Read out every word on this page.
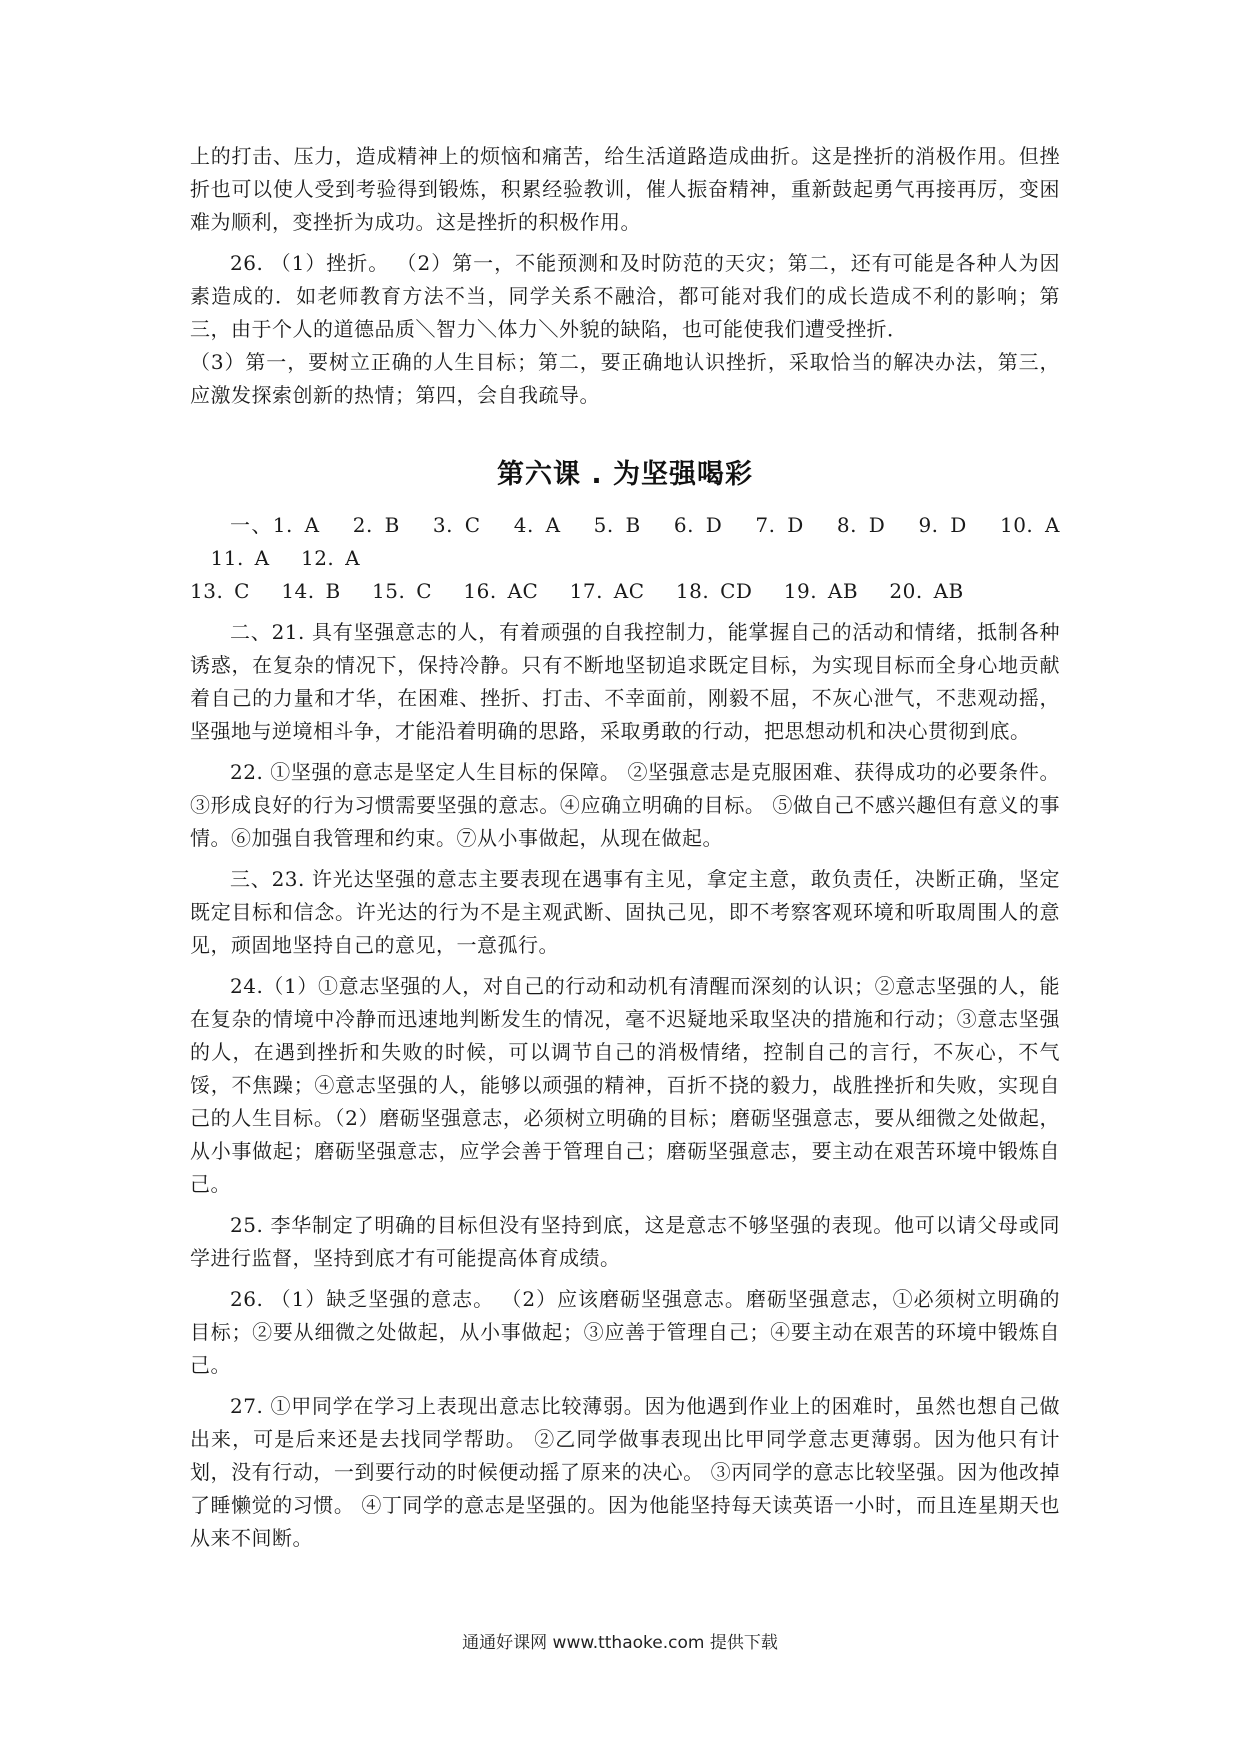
上的打击、压力，造成精神上的烦恼和痛苦，给生活道路造成曲折。这是挫折的消极作用。但挫折也可以使人受到考验得到锻炼，积累经验教训，催人振奋精神，重新鼓起勇气再接再厉，变困难为顺利，变挫折为成功。这是挫折的积极作用。

26. （1）挫折。 （2）第一，不能预测和及时防范的天灾；第二，还有可能是各种人为因素造成的．如老师教育方法不当，同学关系不融洽，都可能对我们的成长造成不利的影响；第三，由于个人的道德品质＼智力＼体力＼外貌的缺陷，也可能使我们遭受挫折．

（3）第一，要树立正确的人生目标；第二，要正确地认识挫折，采取恰当的解决办法，第三，应激发探索创新的热情；第四，会自我疏导。

第六课 . 为坚强喝彩

一、1. A 　2. B 　3. C 　4. A 　5. B 　6. D 　7. D 　8. D 　9. D 　10. A 　11. A 　12. A

13. C 　14. B 　15. C 　16. AC 　17. AC 　18. CD 　19. AB 　20. AB

二、21. 具有坚强意志的人，有着顽强的自我控制力，能掌握自己的活动和情绪，抵制各种诱惑，在复杂的情况下，保持冷静。只有不断地坚韧追求既定目标，为实现目标而全身心地贡献着自己的力量和才华，在困难、挫折、打击、不幸面前，刚毅不屈，不灰心泄气，不悲观动摇，坚强地与逆境相斗争，才能沿着明确的思路，采取勇敢的行动，把思想动机和决心贯彻到底。

22. ①坚强的意志是坚定人生目标的保障。 ②坚强意志是克服困难、获得成功的必要条件。③形成良好的行为习惯需要坚强的意志。④应确立明确的目标。 ⑤做自己不感兴趣但有意义的事情。⑥加强自我管理和约束。⑦从小事做起，从现在做起。

三、23. 许光达坚强的意志主要表现在遇事有主见，拿定主意，敢负责任，决断正确，坚定既定目标和信念。许光达的行为不是主观武断、固执己见，即不考察客观环境和听取周围人的意见，顽固地坚持自己的意见，一意孤行。

24.（1）①意志坚强的人，对自己的行动和动机有清醒而深刻的认识；②意志坚强的人，能在复杂的情境中冷静而迅速地判断发生的情况，毫不迟疑地采取坚决的措施和行动；③意志坚强的人，在遇到挫折和失败的时候，可以调节自己的消极情绪，控制自己的言行，不灰心，不气馁，不焦躁；④意志坚强的人，能够以顽强的精神，百折不挠的毅力，战胜挫折和失败，实现自己的人生目标。（2）磨砺坚强意志，必须树立明确的目标；磨砺坚强意志，要从细微之处做起，从小事做起；磨砺坚强意志，应学会善于管理自己；磨砺坚强意志，要主动在艰苦环境中锻炼自己。

25. 李华制定了明确的目标但没有坚持到底，这是意志不够坚强的表现。他可以请父母或同学进行监督，坚持到底才有可能提高体育成绩。

26. （1）缺乏坚强的意志。 （2）应该磨砺坚强意志。磨砺坚强意志，①必须树立明确的目标；②要从细微之处做起，从小事做起；③应善于管理自己；④要主动在艰苦的环境中锻炼自己。

27. ①甲同学在学习上表现出意志比较薄弱。因为他遇到作业上的困难时，虽然也想自己做出来，可是后来还是去找同学帮助。 ②乙同学做事表现出比甲同学意志更薄弱。因为他只有计划，没有行动，一到要行动的时候便动摇了原来的决心。 ③丙同学的意志比较坚强。因为他改掉了睡懒觉的习惯。 ④丁同学的意志是坚强的。因为他能坚持每天读英语一小时，而且连星期天也从来不间断。

通通好课网 www.tthaoke.com 提供下载
